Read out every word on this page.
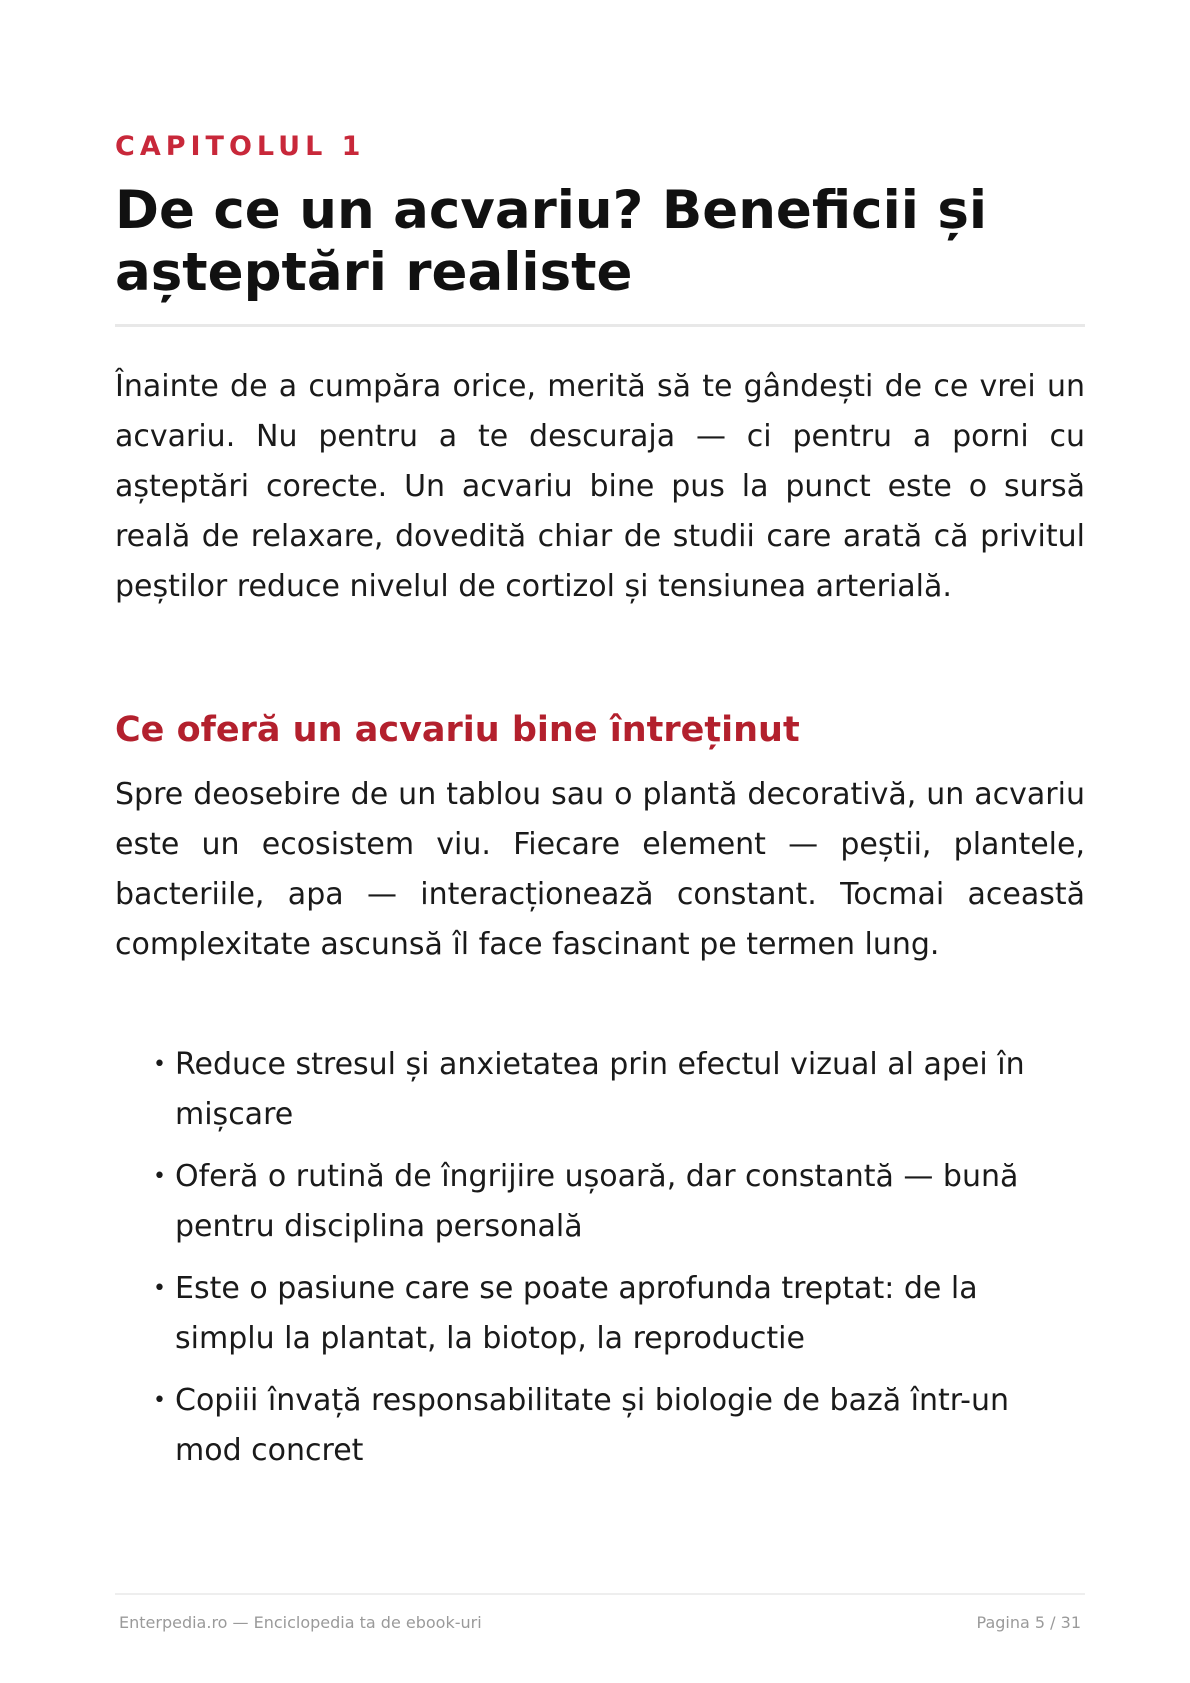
CAPITOLUL 1
De ce un acvariu? Beneficii și așteptări realiste

Înainte de a cumpăra orice, merită să te gândești de ce vrei un acvariu. Nu pentru a te descuraja — ci pentru a porni cu așteptări corecte. Un acvariu bine pus la punct este o sursă reală de relaxare, dovedită chiar de studii care arată că privitul peștilor reduce nivelul de cortizol și tensiunea arterială.

Ce oferă un acvariu bine întreținut

Spre deosebire de un tablou sau o plantă decorativă, un acvariu este un ecosistem viu. Fiecare element — peștii, plantele, bacteriile, apa — interacționează constant. Tocmai această complexitate ascunsă îl face fascinant pe termen lung.

• Reduce stresul și anxietatea prin efectul vizual al apei în mișcare
• Oferă o rutină de îngrijire ușoară, dar constantă — bună pentru disciplina personală
• Este o pasiune care se poate aprofunda treptat: de la simplu la plantat, la biotop, la reproductie
• Copiii învață responsabilitate și biologie de bază într-un mod concret
Enterpedia.ro — Enciclopedia ta de ebook-uri	Pagina 5 / 31
